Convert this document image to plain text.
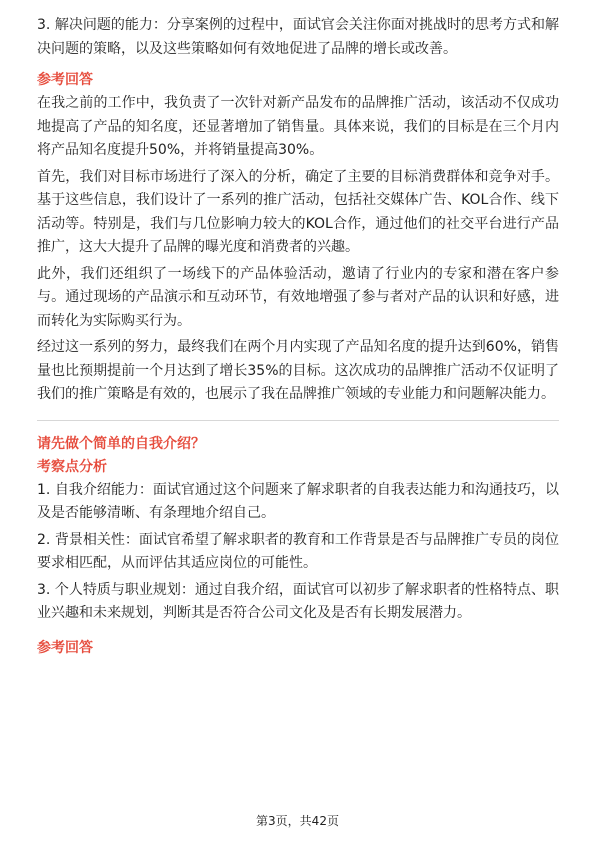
3. 解决问题的能力：分享案例的过程中，面试官会关注你面对挑战时的思考方式和解决问题的策略，以及这些策略如何有效地促进了品牌的增长或改善。

参考回答

在我之前的工作中，我负责了一次针对新产品发布的品牌推广活动，该活动不仅成功地提高了产品的知名度，还显著增加了销售量。具体来说，我们的目标是在三个月内将产品知名度提升50%，并将销量提高30%。

首先，我们对目标市场进行了深入的分析，确定了主要的目标消费群体和竞争对手。基于这些信息，我们设计了一系列的推广活动，包括社交媒体广告、KOL合作、线下活动等。特别是，我们与几位影响力较大的KOL合作，通过他们的社交平台进行产品推广，这大大提升了品牌的曝光度和消费者的兴趣。

此外，我们还组织了一场线下的产品体验活动，邀请了行业内的专家和潜在客户参与。通过现场的产品演示和互动环节，有效地增强了参与者对产品的认识和好感，进而转化为实际购买行为。

经过这一系列的努力，最终我们在两个月内实现了产品知名度的提升达到60%，销售量也比预期提前一个月达到了增长35%的目标。这次成功的品牌推广活动不仅证明了我们的推广策略是有效的，也展示了我在品牌推广领域的专业能力和问题解决能力。

请先做个简单的自我介绍？

考察点分析

1. 自我介绍能力：面试官通过这个问题来了解求职者的自我表达能力和沟通技巧，以及是否能够清晰、有条理地介绍自己。

2. 背景相关性：面试官希望了解求职者的教育和工作背景是否与品牌推广专员的岗位要求相匹配，从而评估其适应岗位的可能性。

3. 个人特质与职业规划：通过自我介绍，面试官可以初步了解求职者的性格特点、职业兴趣和未来规划，判断其是否符合公司文化及是否有长期发展潜力。

参考回答

第3页，共42页
